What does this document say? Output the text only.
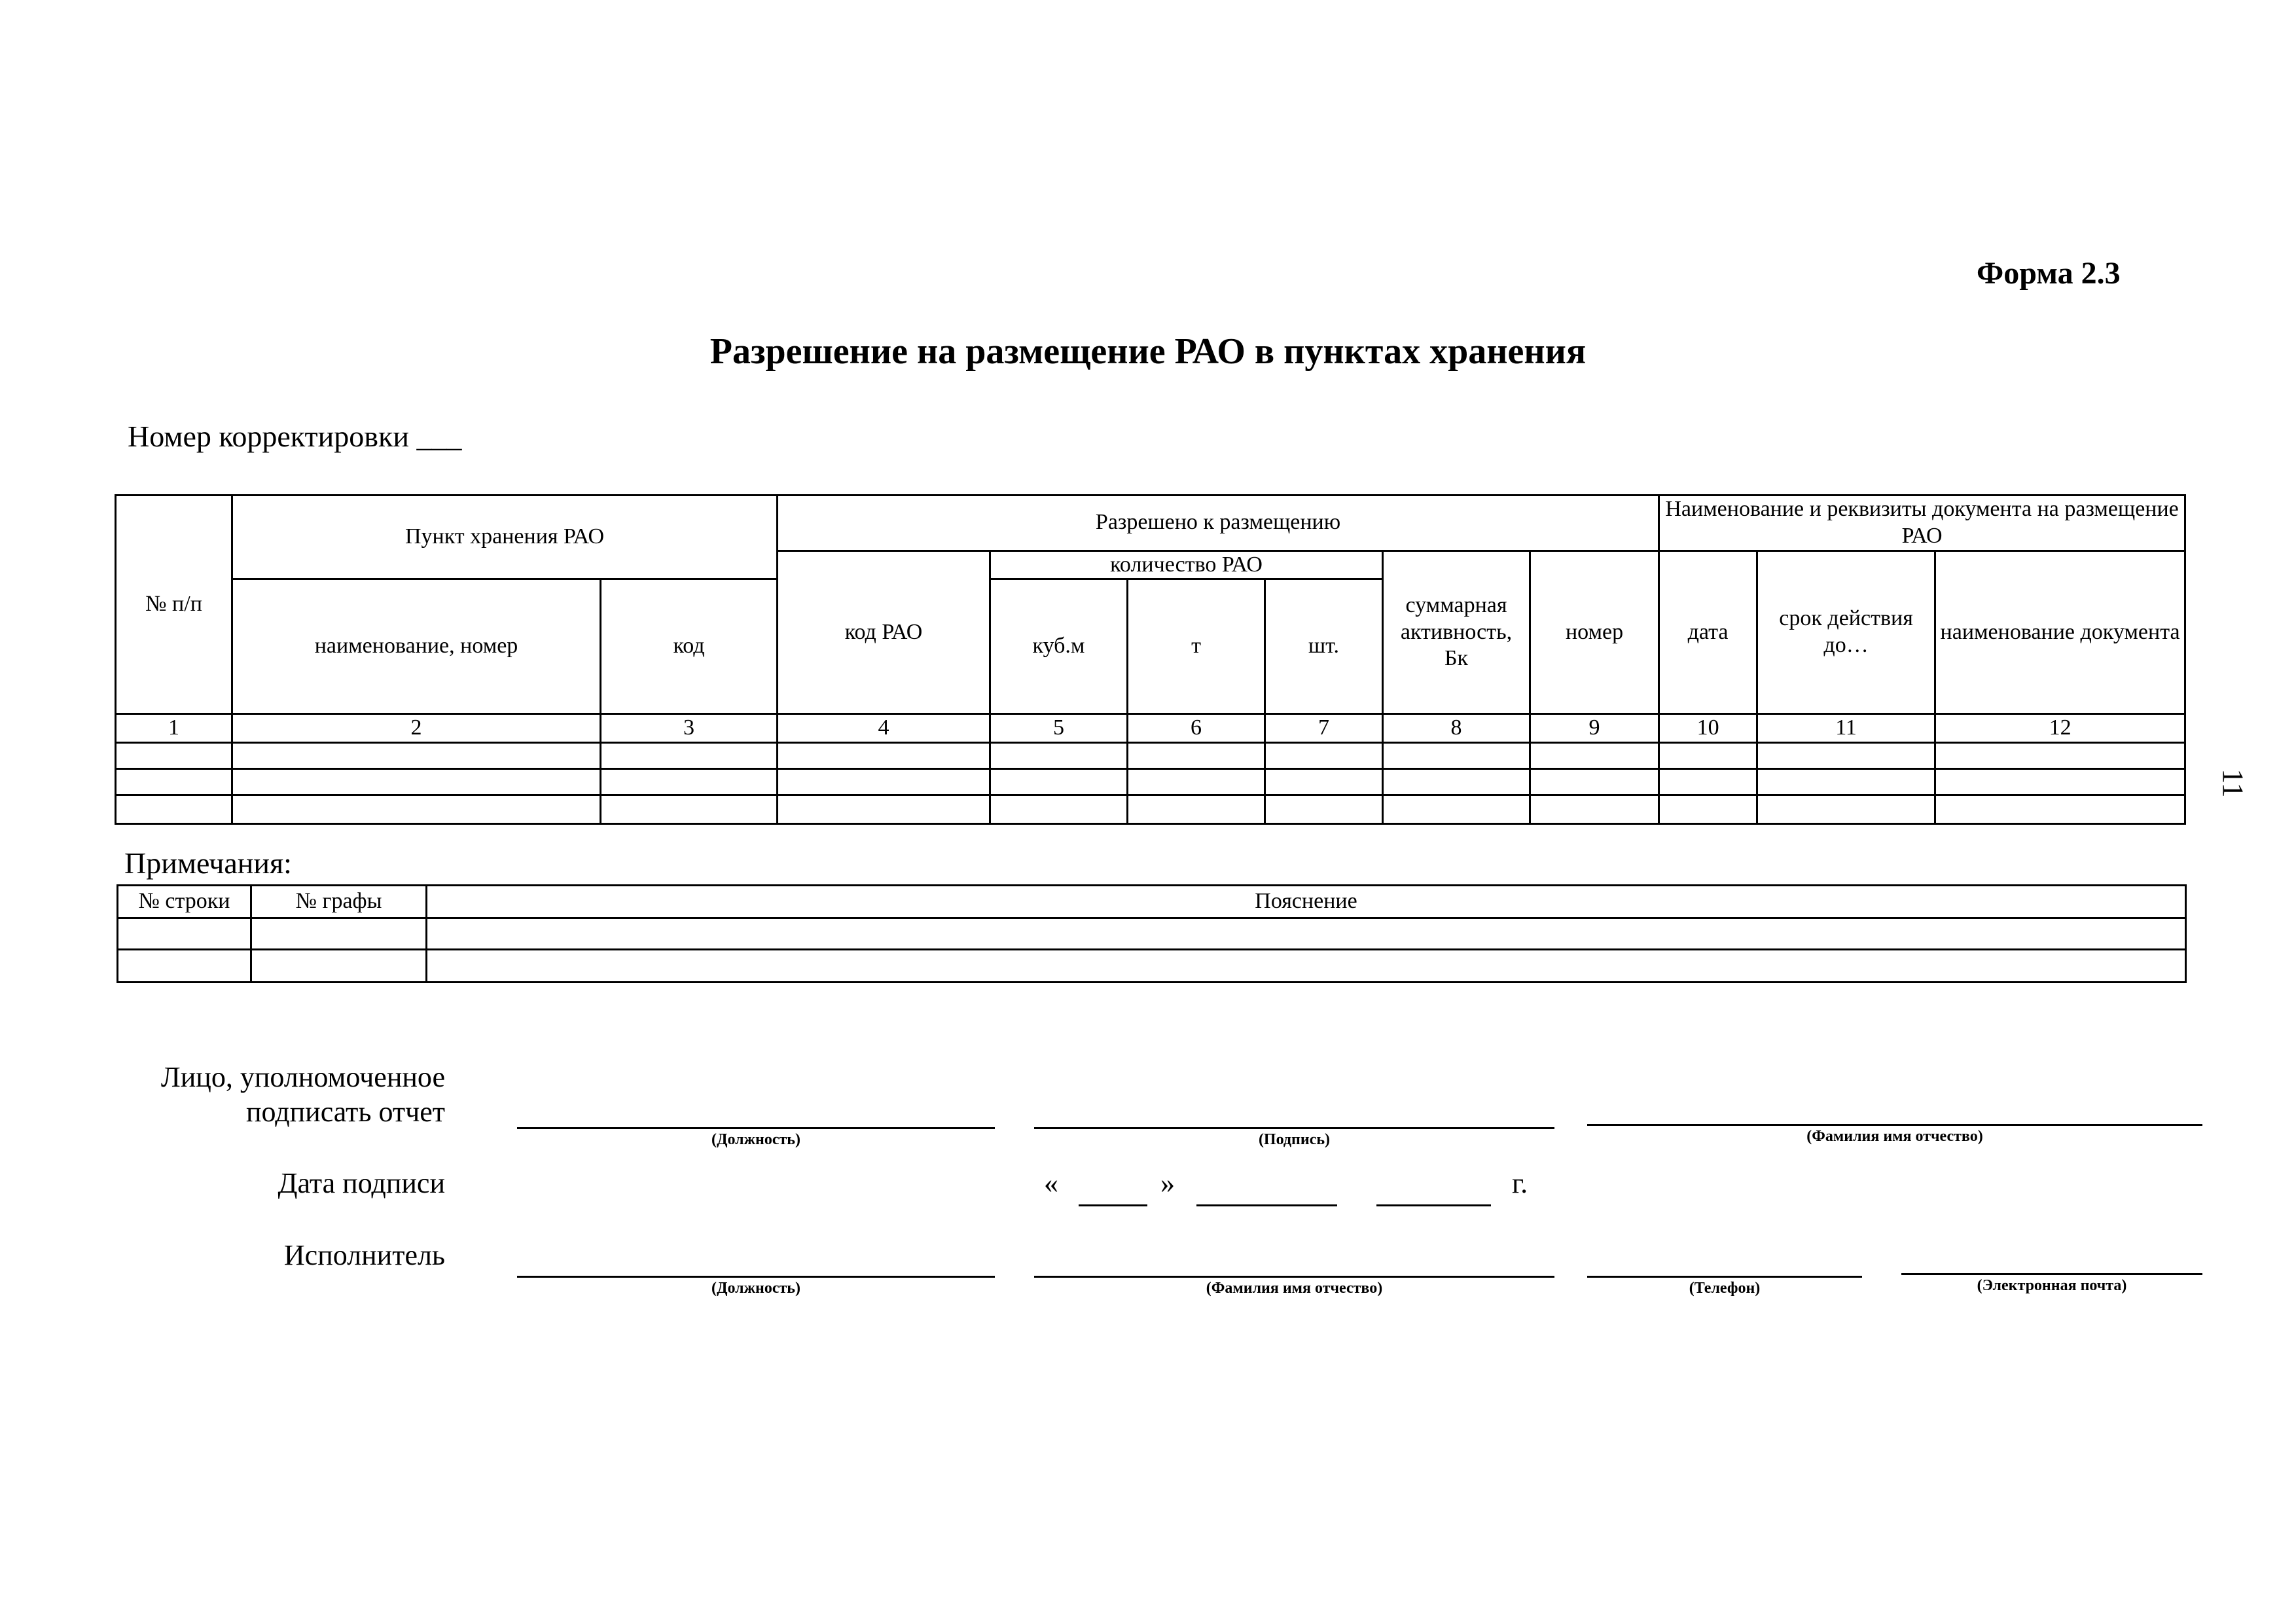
Форма 2.3
Разрешение на размещение РАО в пунктах хранения
Номер корректировки ___
11
№ п/п	Пункт хранения РАО		Разрешено к размещению						Наименование и реквизиты документа на размещение РАО		
			код РАО	количество РАО			суммарная активность, Бк	номер	дата	срок действия до…	наименование документа
	наименование, номер	код		куб.м	т	шт.					
1	2	3	4	5	6	7	8	9	10	11	12

Примечания:
№ строки	№ графы	Пояснение

Лицо, уполномоченное подписать отчет
(Должность)	(Подпись)	(Фамилия имя отчество)
Дата подписи	«	»	г.
Исполнитель
(Должность)	(Фамилия имя отчество)	(Телефон)	(Электронная почта)
